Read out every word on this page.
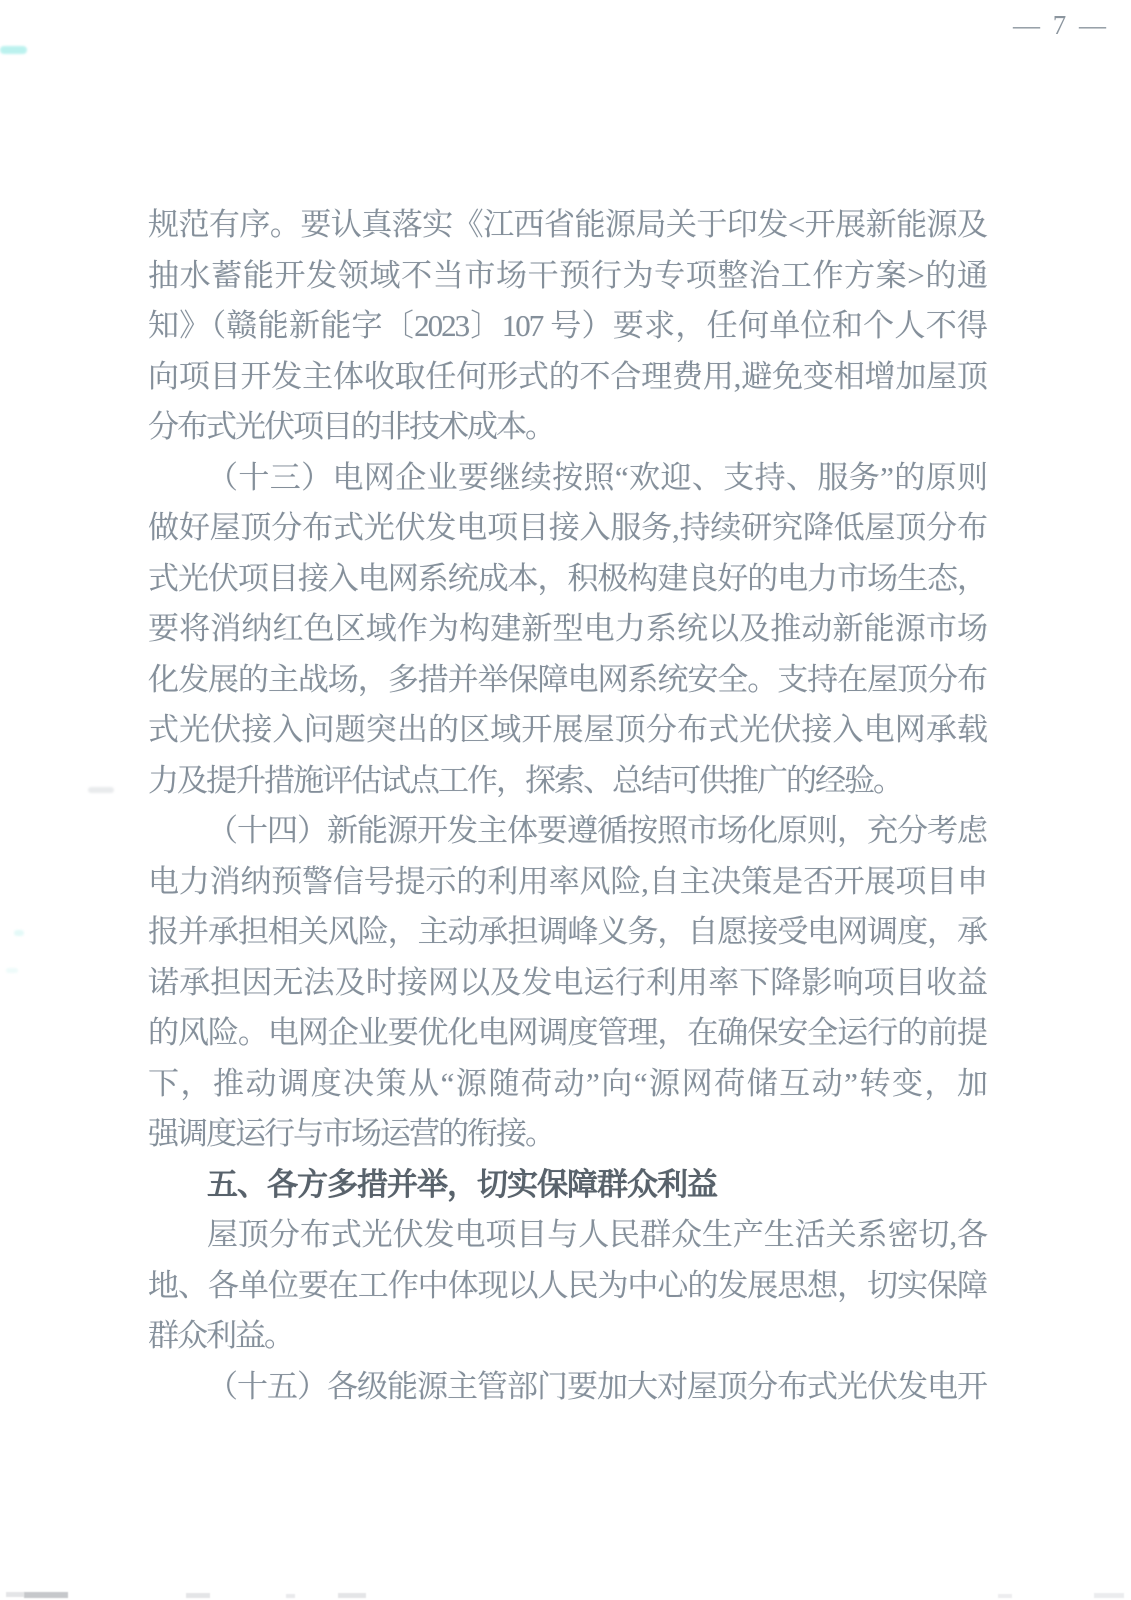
规范有序。要认真落实《江西省能源局关于印发<开展新能源及
抽水蓄能开发领域不当市场干预行为专项整治工作方案>的通
知》（赣能新能字〔2023〕107 号）要求，任何单位和个人不得
向项目开发主体收取任何形式的不合理费用,避免变相增加屋顶
分布式光伏项目的非技术成本。
（十三）电网企业要继续按照“欢迎、支持、服务”的原则
做好屋顶分布式光伏发电项目接入服务,持续研究降低屋顶分布
式光伏项目接入电网系统成本，积极构建良好的电力市场生态，
要将消纳红色区域作为构建新型电力系统以及推动新能源市场
化发展的主战场，多措并举保障电网系统安全。支持在屋顶分布
式光伏接入问题突出的区域开展屋顶分布式光伏接入电网承载
力及提升措施评估试点工作，探索、总结可供推广的经验。
（十四）新能源开发主体要遵循按照市场化原则，充分考虑
电力消纳预警信号提示的利用率风险,自主决策是否开展项目申
报并承担相关风险，主动承担调峰义务，自愿接受电网调度，承
诺承担因无法及时接网以及发电运行利用率下降影响项目收益
的风险。电网企业要优化电网调度管理，在确保安全运行的前提
下，推动调度决策从“源随荷动”向“源网荷储互动”转变，加
强调度运行与市场运营的衔接。
五、各方多措并举，切实保障群众利益
屋顶分布式光伏发电项目与人民群众生产生活关系密切,各
地、各单位要在工作中体现以人民为中心的发展思想，切实保障
群众利益。
（十五）各级能源主管部门要加大对屋顶分布式光伏发电开
— 7 —
